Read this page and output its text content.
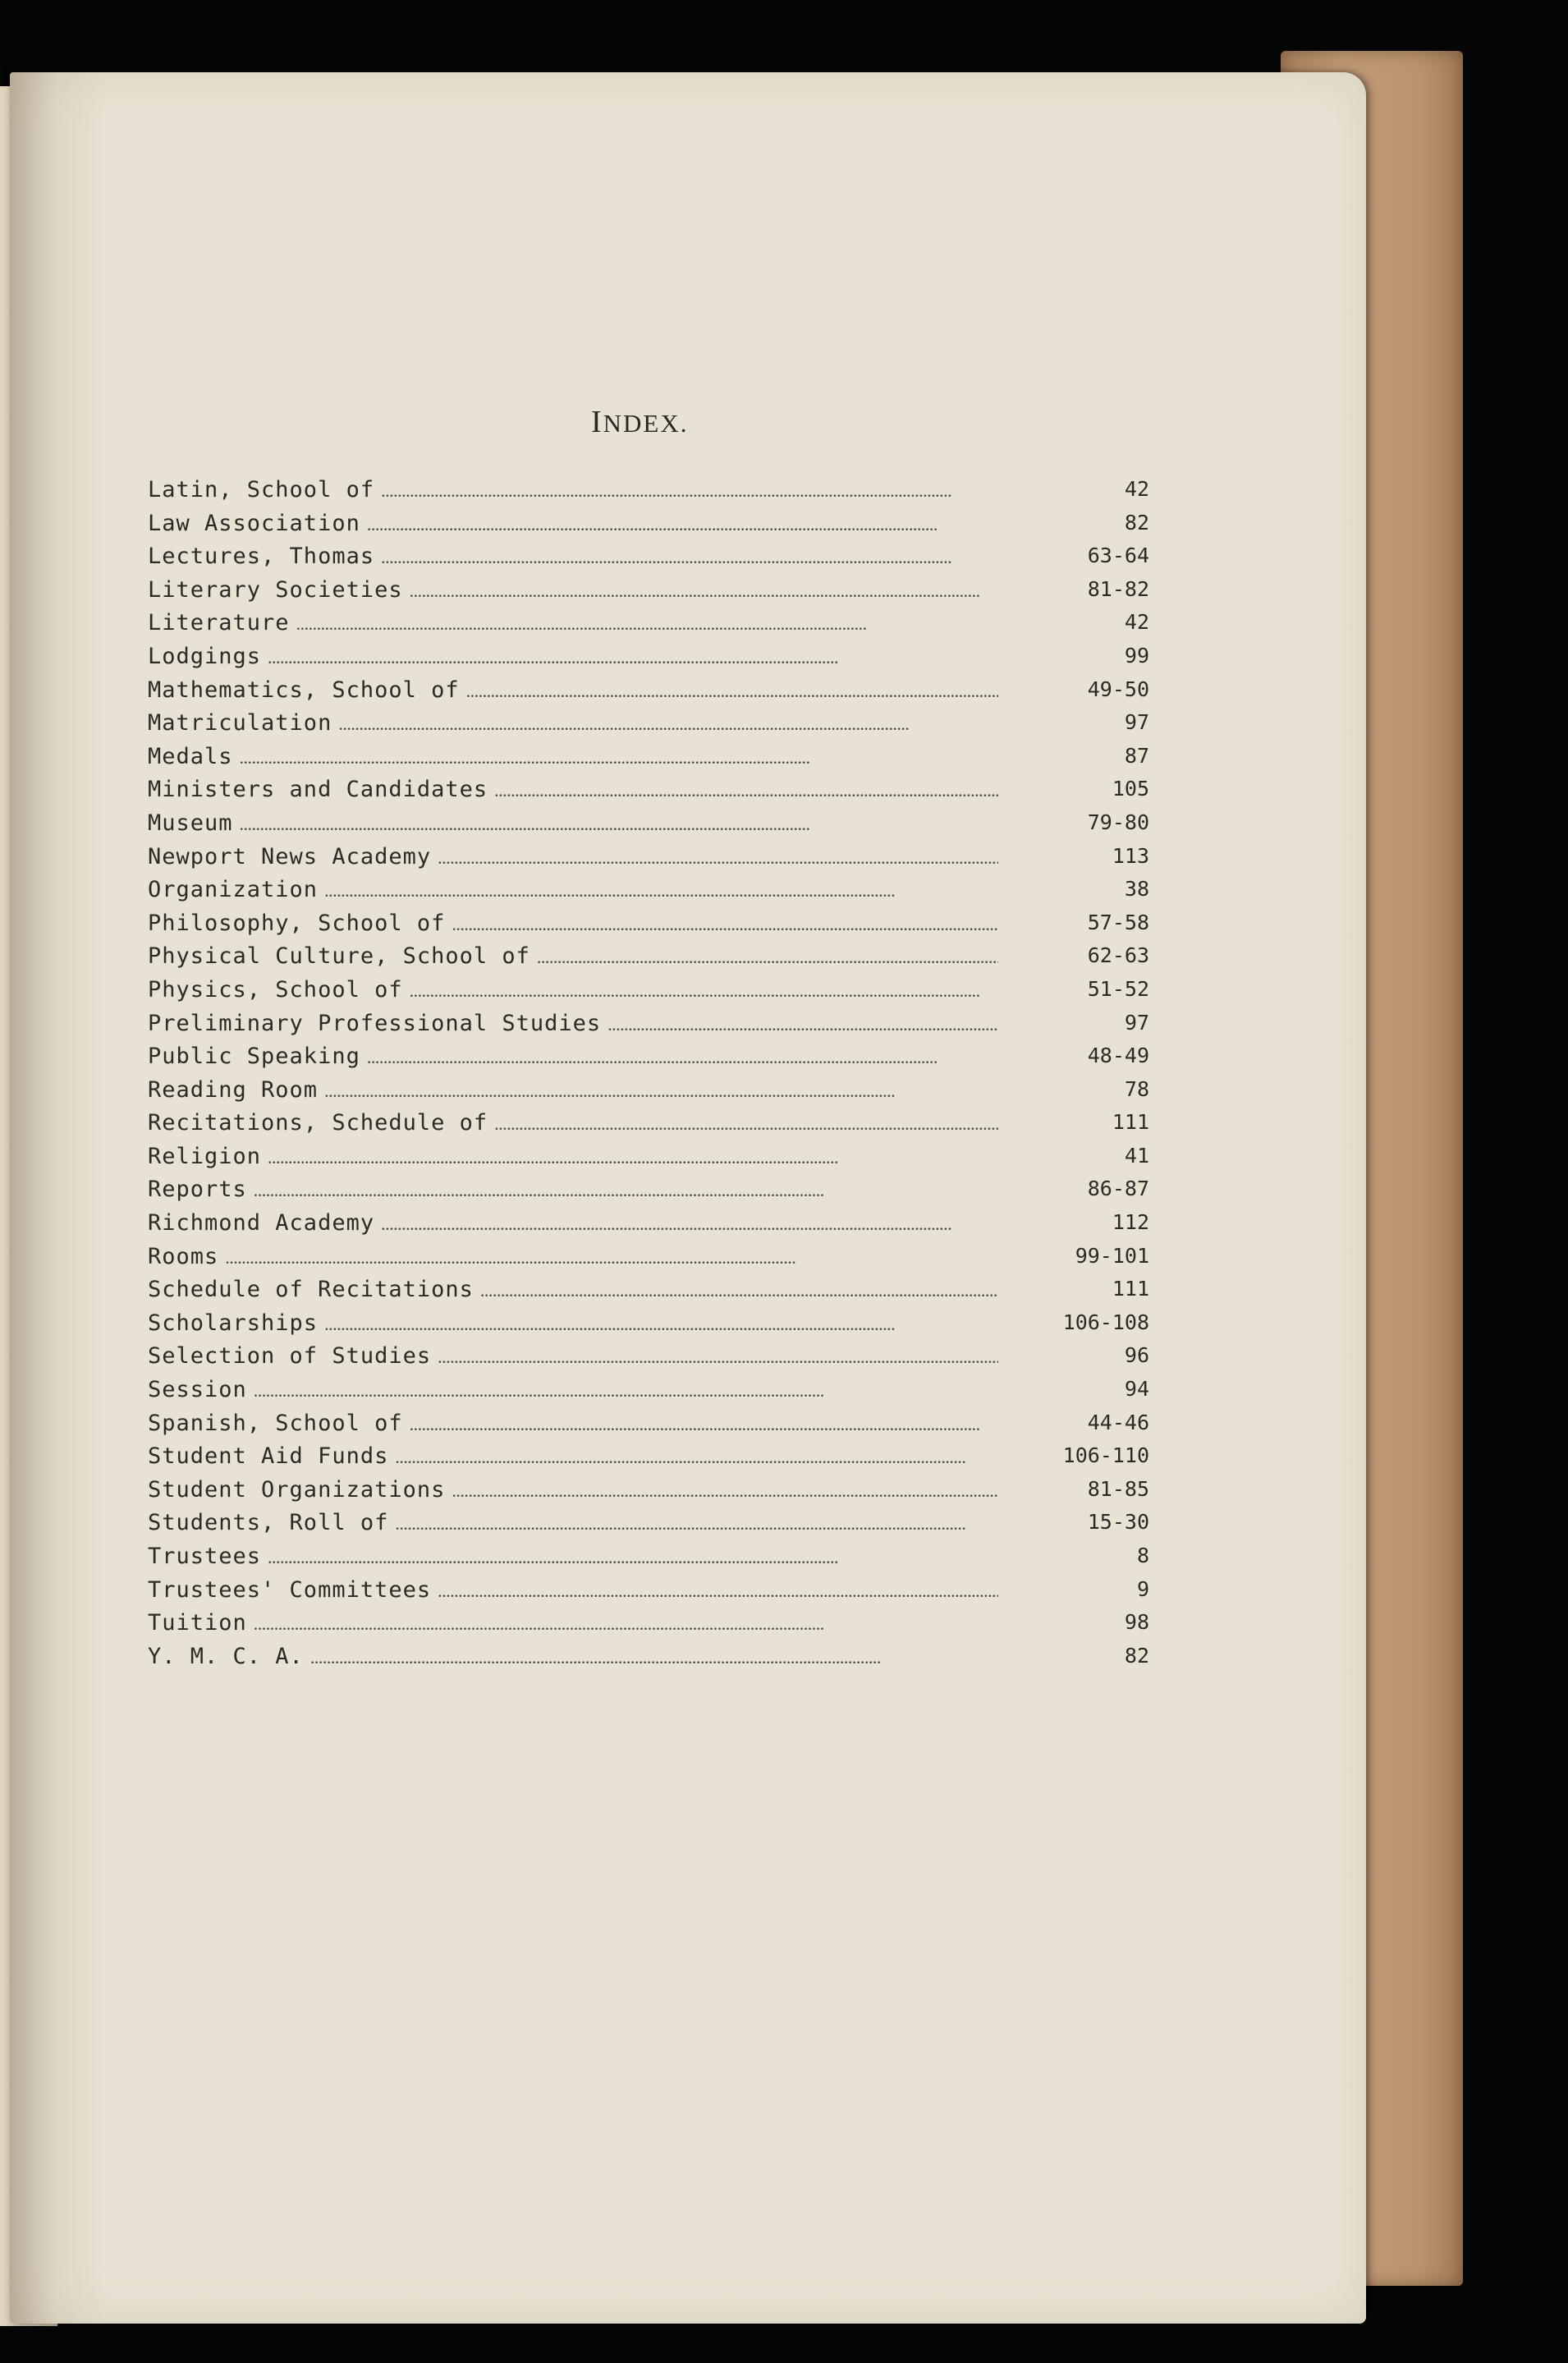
INDEX.
Latin, School of . . .	42
Law Association . . .	82
Lectures, Thomas . . .	63-64
Literary Societies . . .	81-82
Literature . . .	42
Lodgings . . .	99
Mathematics, School of . . .	49-50
Matriculation . . .	97
Medals . . .	87
Ministers and Candidates . . .	105
Museum . . .	79-80
Newport News Academy . . .	113
Organization . . .	38
Philosophy, School of . . .	57-58
Physical Culture, School of . . .	62-63
Physics, School of . . .	51-52
Preliminary Professional Studies . . .	97
Public Speaking . . .	48-49
Reading Room . . .	78
Recitations, Schedule of . . .	111
Religion . . .	41
Reports . . .	86-87
Richmond Academy . . .	112
Rooms . . .	99-101
Schedule of Recitations . . .	111
Scholarships . . .	106-108
Selection of Studies . . .	96
Session . . .	94
Spanish, School of . . .	44-46
Student Aid Funds . . .	106-110
Student Organizations . . .	81-85
Students, Roll of . . .	15-30
Trustees . . .	8
Trustees' Committees . . .	9
Tuition . . .	98
Y. M. C. A. . . .	82
